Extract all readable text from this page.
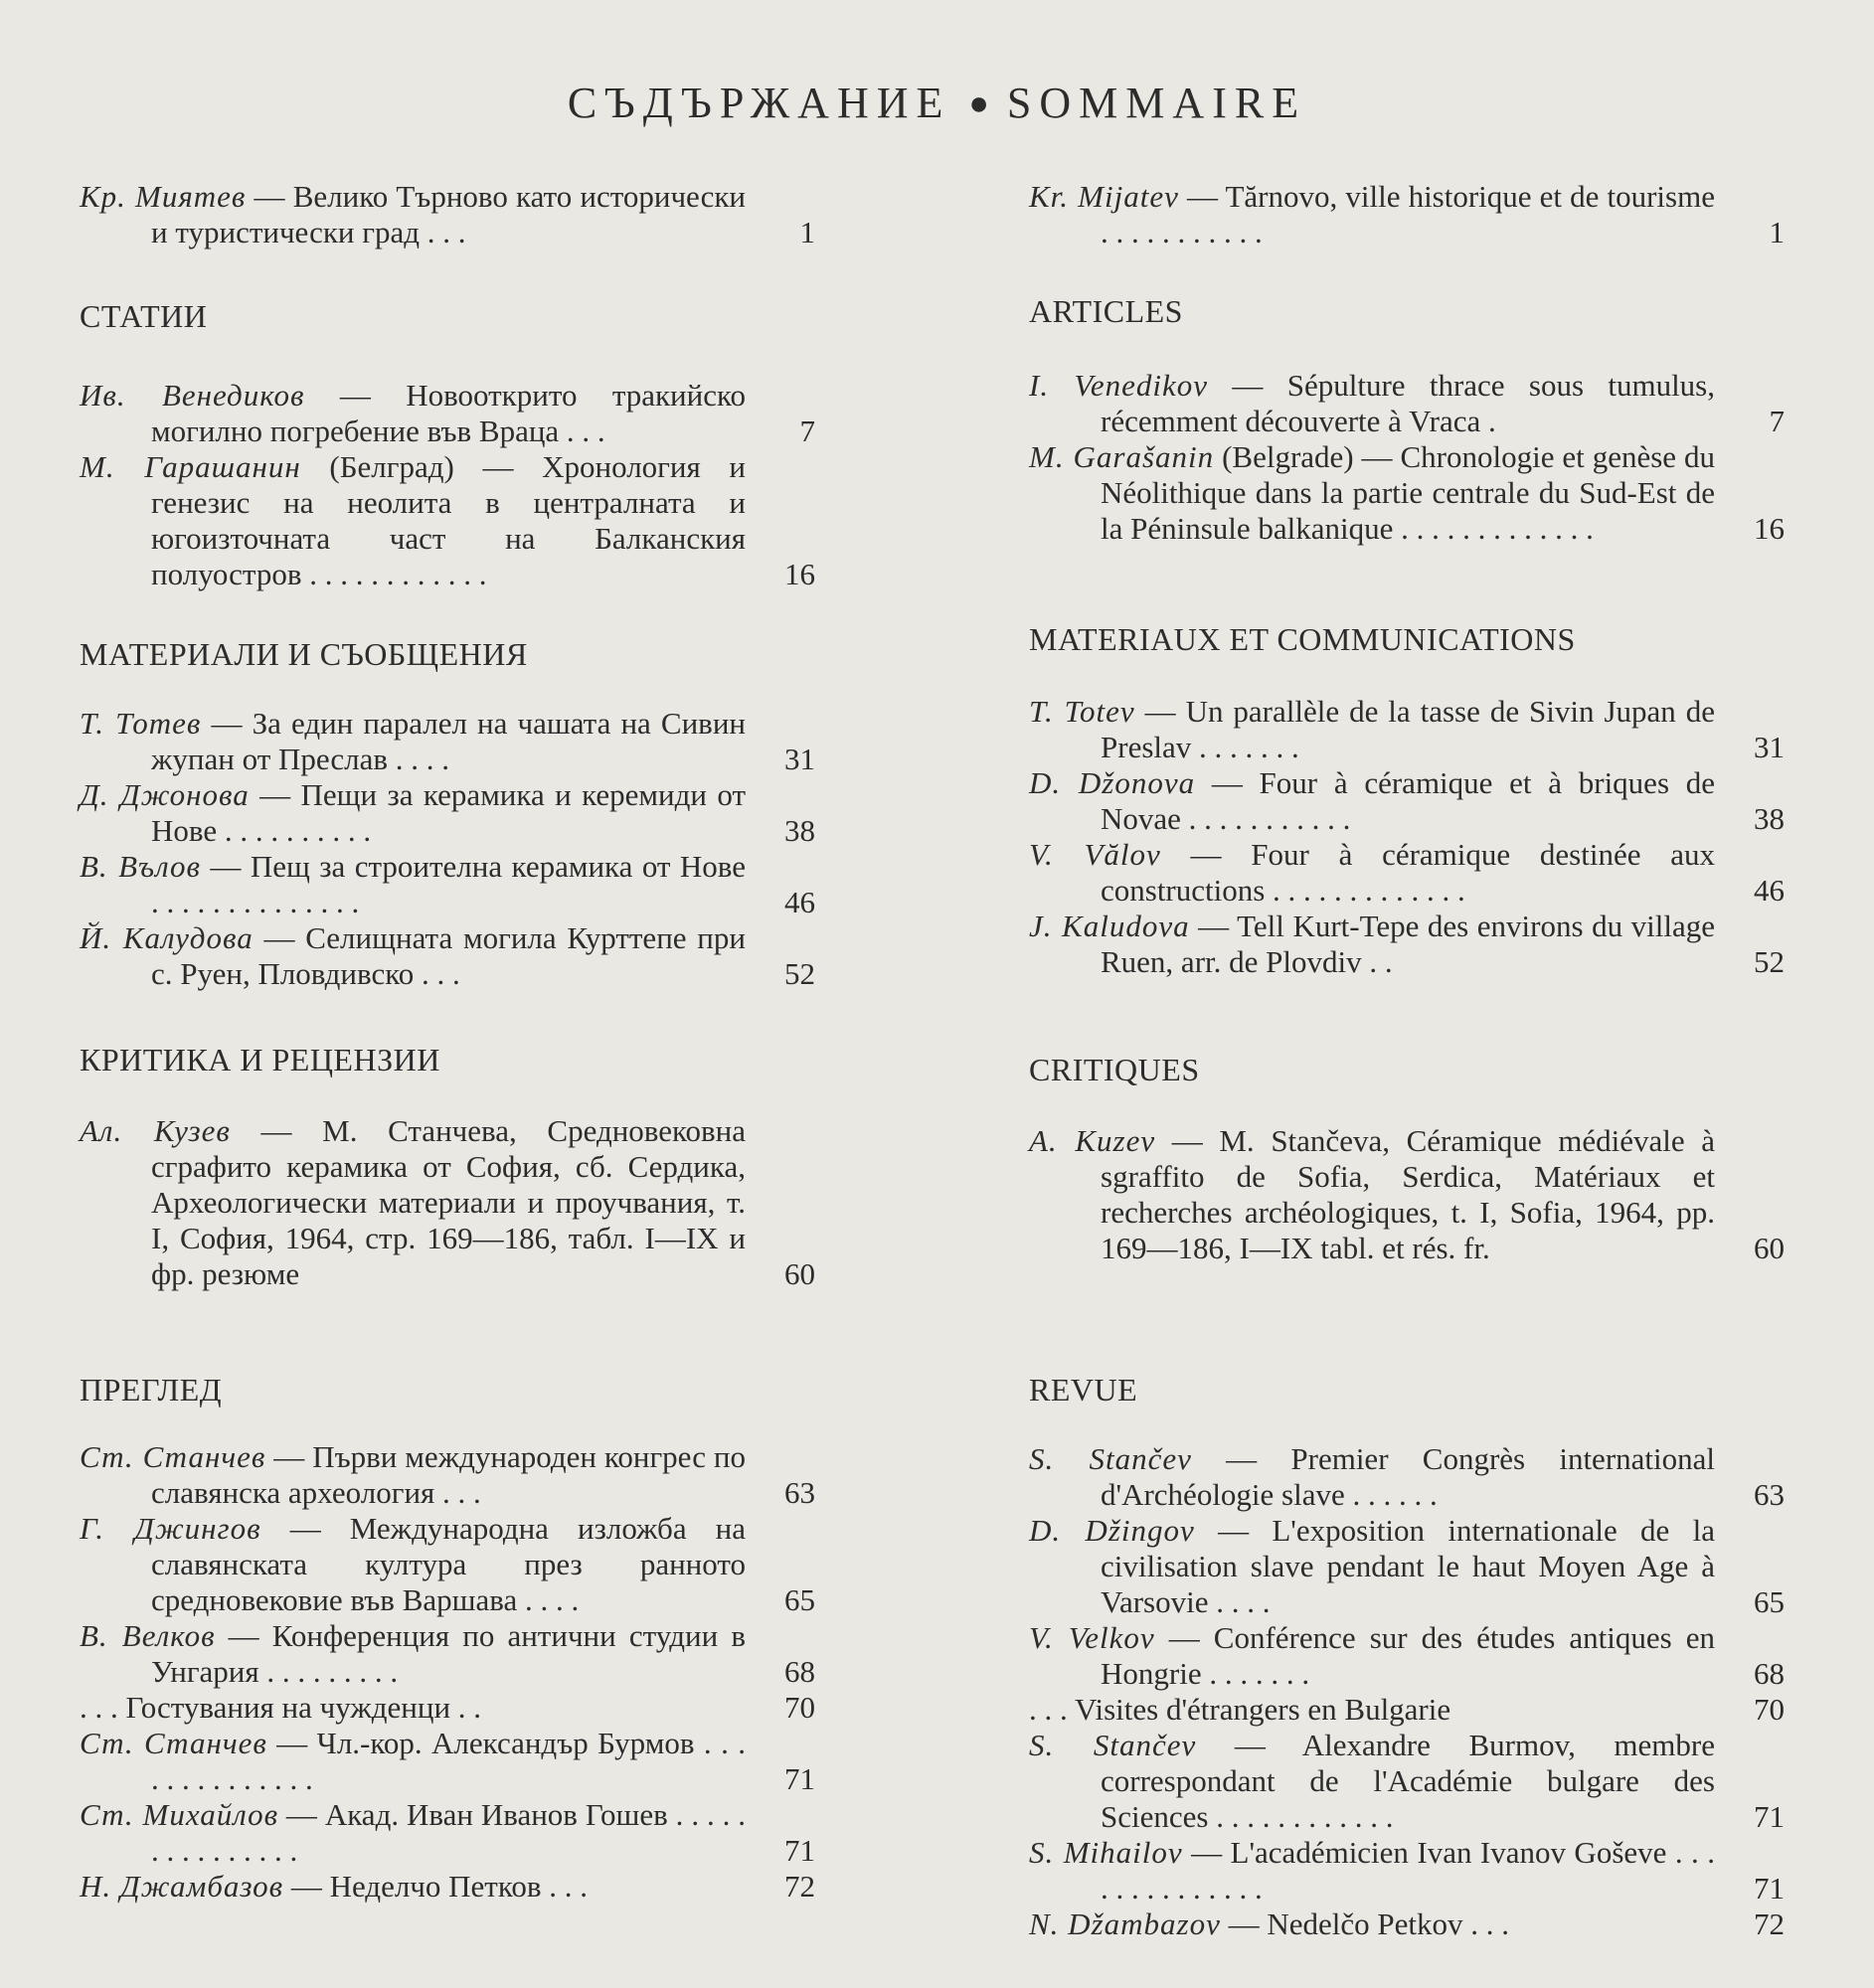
СЪДЪРЖАНИЕ ● SOMMAIRE
Кр. Миятев — Велико Търново като исторически и туристически град . . .	1
СТАТИИ
Ив. Венедиков — Новооткрито тракийско могилно погребение във Враца . . .	7
М. Гарашанин (Белград) — Хронология и генезис на неолита в централната и югоизточната част на Балканския полуостров . . . . . . . . . . . .	16
МАТЕРИАЛИ И СЪОБЩЕНИЯ
Т. Тотев — За един паралел на чашата на Сивин жупан от Преслав . . . .	31
Д. Джонова — Пещи за керамика и керемиди от Нове . . . . . . . . . .	38
В. Вълов — Пещ за строителна керамика от Нове . . . . . . . . . . . . . .	46
Й. Калудова — Селищната могила Курттепе при с. Руен, Пловдивско . . .	52
КРИТИКА И РЕЦЕНЗИИ
Ал. Кузев — М. Станчева, Средновековна сграфито керамика от София, сб. Сердика, Археологически материали и проучвания, т. I, София, 1964, стр. 169—186, табл. I—IX и фр. резюме	60
ПРЕГЛЕД
Ст. Станчев — Първи международен конгрес по славянска археология . . .	63
Г. Джингов — Международна изложба на славянската култура през ранното средновековие във Варшава . . . .	65
В. Велков — Конференция по антични студии в Унгария . . . . . . . . .	68
. . . Гостувания на чужденци . .	70
Ст. Станчев — Чл.-кор. Александър Бурмов . . . . . . . . . . . . . .	71
Ст. Михайлов — Акад. Иван Иванов Гошев . . . . . . . . . . . . . . .	71
Н. Джамбазов — Неделчо Петков . . .	72
Kr. Mijatev — Tărnovo, ville historique et de tourisme . . . . . . . . . . .	1
ARTICLES
I. Venedikov — Sépulture thrace sous tumulus, récemment découverte à Vraca .	7
M. Garašanin (Belgrade) — Chronologie et genèse du Néolithique dans la partie centrale du Sud-Est de la Péninsule balkanique . . . . . . . . . . . . .	16
MATERIAUX ET COMMUNICATIONS
T. Totev — Un parallèle de la tasse de Sivin Jupan de Preslav . . . . . . .	31
D. Džonova — Four à céramique et à briques de Novae . . . . . . . . . . .	38
V. Vălov — Four à céramique destinée aux constructions . . . . . . . . . . . . .	46
J. Kaludova — Tell Kurt-Tepe des environs du village Ruen, arr. de Plovdiv . .	52
CRITIQUES
A. Kuzev — M. Stančeva, Céramique médiévale à sgraffito de Sofia, Serdica, Matériaux et recherches archéologiques, t. I, Sofia, 1964, pp. 169—186, I—IX tabl. et rés. fr.	60
REVUE
S. Stančev — Premier Congrès international d'Archéologie slave . . . . . .	63
D. Džingov — L'exposition internationale de la civilisation slave pendant le haut Moyen Age à Varsovie . . . .	65
V. Velkov — Conférence sur des études antiques en Hongrie . . . . . . .	68
. . . Visites d'étrangers en Bulgarie	70
S. Stančev — Alexandre Burmov, membre correspondant de l'Académie bulgare des Sciences . . . . . . . . . . . .	71
S. Mihailov — L'académicien Ivan Ivanov Goševe . . . . . . . . . . . . . .	71
N. Džambazov — Nedelčo Petkov . . .	72
